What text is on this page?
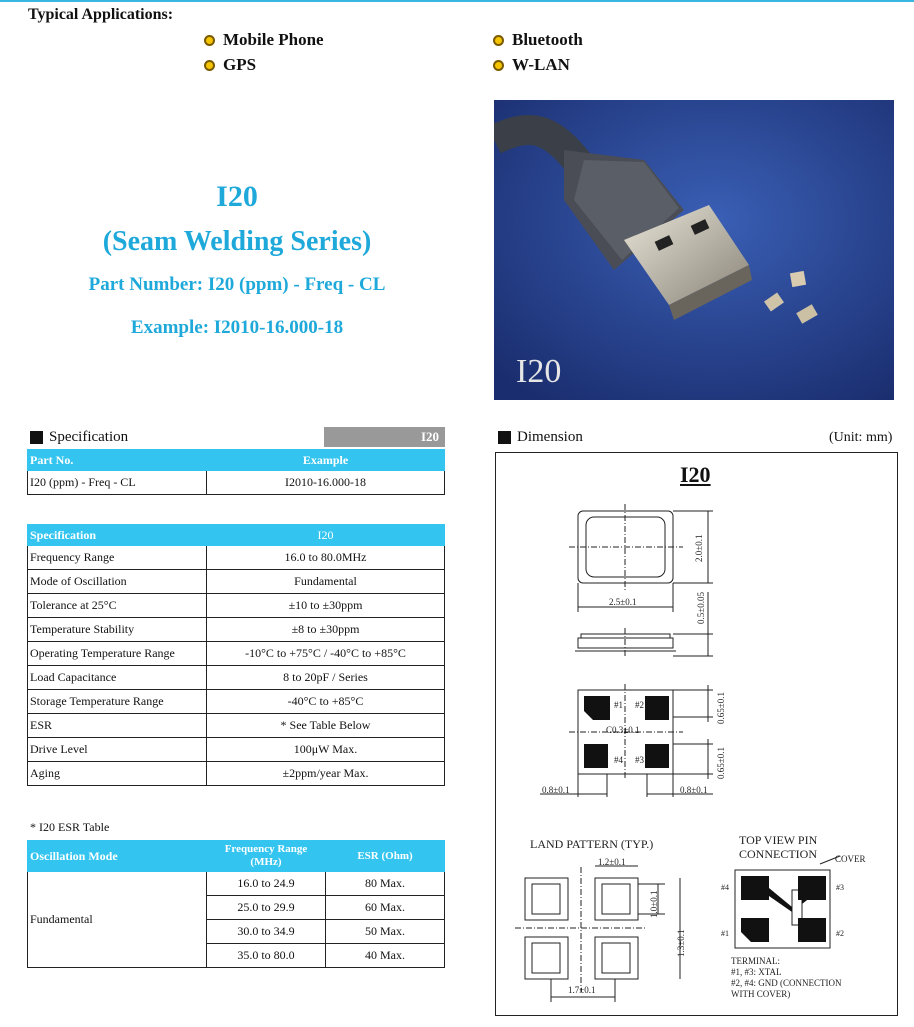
Typical Applications:
Mobile Phone	Bluetooth
GPS	W-LAN
I20
(Seam Welding Series)
Part Number: I20 (ppm) - Freq - CL
Example: I2010-16.000-18
I20
Specification	I20
Part No.	Example
I20 (ppm) - Freq - CL	I2010-16.000-18
Specification	I20
Frequency Range	16.0 to 80.0MHz
Mode of Oscillation	Fundamental
Tolerance at 25°C	±10 to ±30ppm
Temperature Stability	±8 to ±30ppm
Operating Temperature Range	-10°C to +75°C / -40°C to +85°C
Load Capacitance	8 to 20pF / Series
Storage Temperature Range	-40°C to +85°C
ESR	* See Table Below
Drive Level	100μW Max.
Aging	±2ppm/year Max.
* I20 ESR Table
Oscillation Mode	Frequency Range (MHz)	ESR (Ohm)
Fundamental	16.0 to 24.9	80 Max.
	25.0 to 29.9	60 Max.
	30.0 to 34.9	50 Max.
	35.0 to 80.0	40 Max.
Dimension	(Unit: mm)
I20
2.0±0.1
2.5±0.1	0.5±0.05
0.65±0.1
0.65±0.1
C0.3±0.1
0.8±0.1	0.8±0.1
#1 #2
#3
#4
LAND PATTERN (TYP.)
1.2±0.1
1.0±0.1
1.3±0.1
1.7±0.1
TOP VIEW PIN
CONNECTION COVER
#4	#3
#1	#2
TERMINAL:
#1, #3: XTAL
#2, #4: GND (CONNECTION
WITH COVER)
